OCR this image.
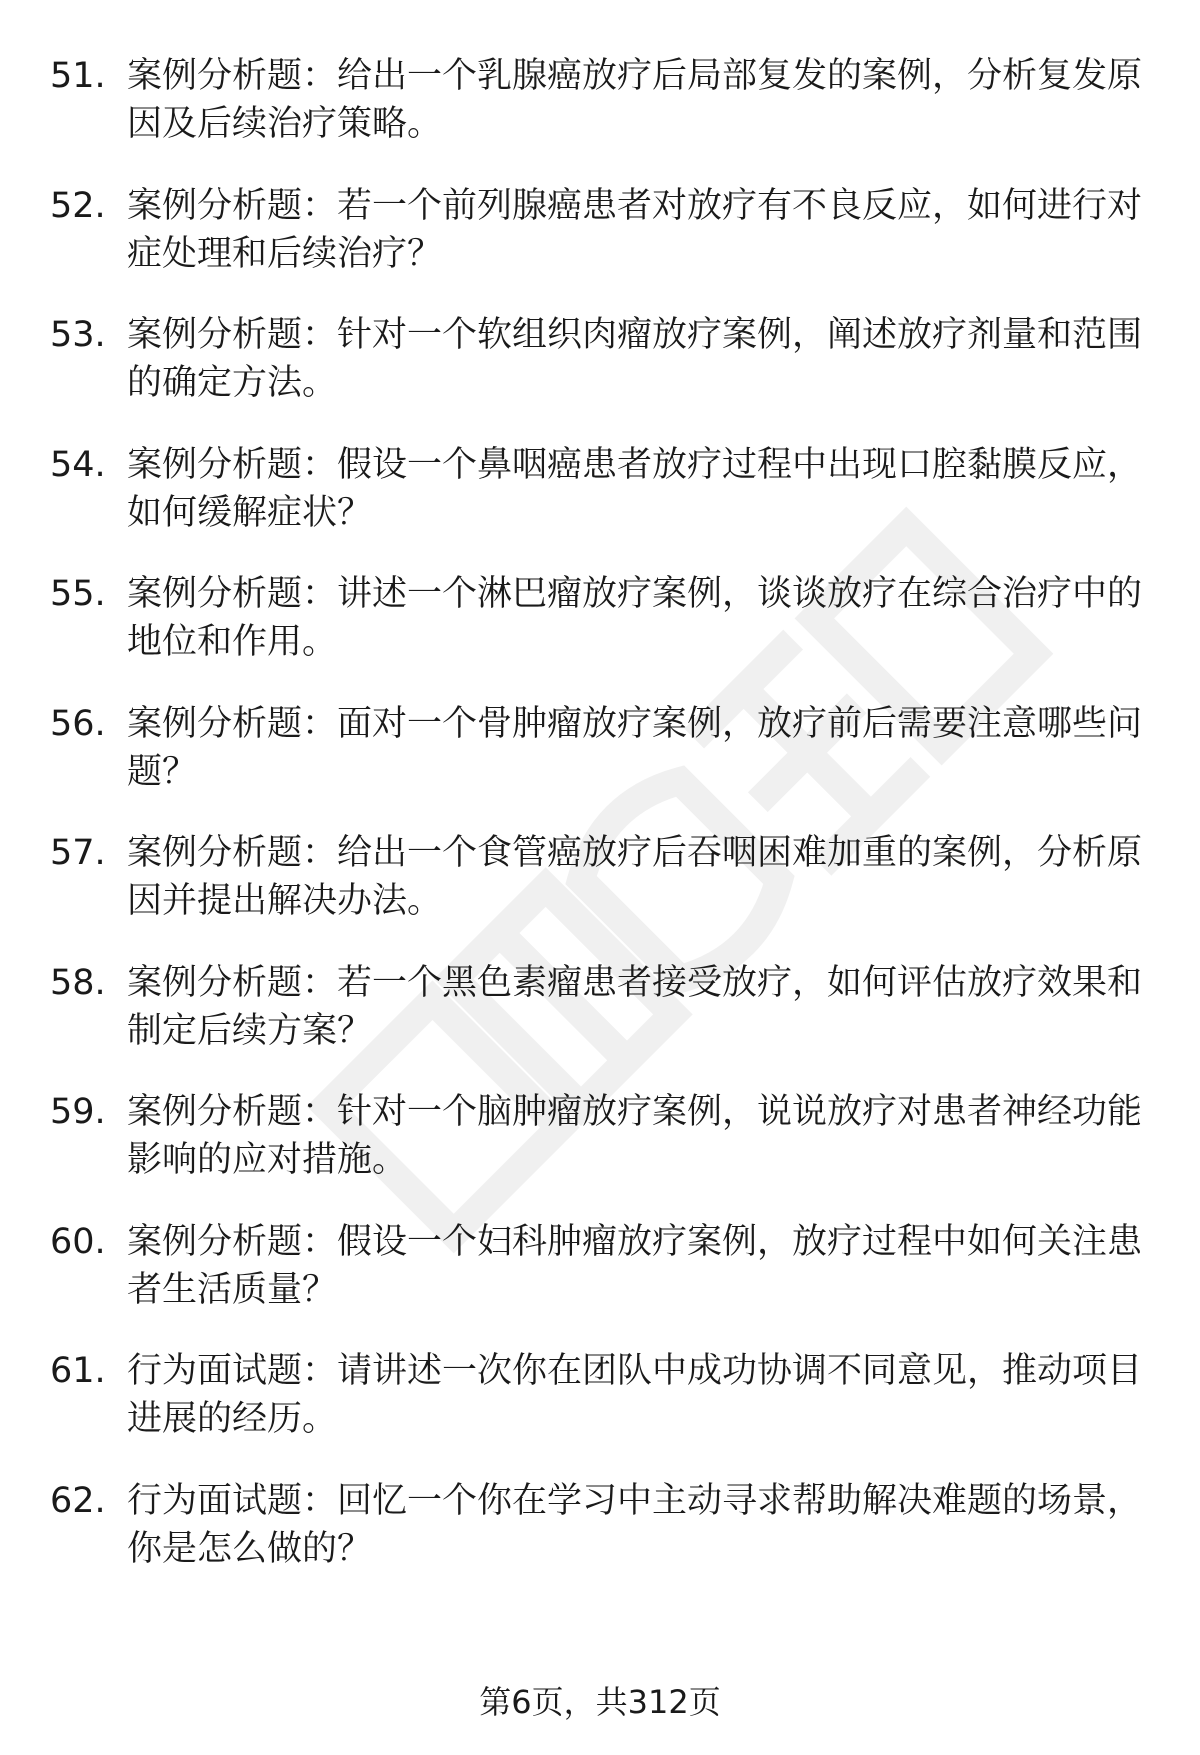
51. 案例分析题：给出一个乳腺癌放疗后局部复发的案例，分析复发原因及后续治疗策略。
52. 案例分析题：若一个前列腺癌患者对放疗有不良反应，如何进行对症处理和后续治疗？
53. 案例分析题：针对一个软组织肉瘤放疗案例，阐述放疗剂量和范围的确定方法。
54. 案例分析题：假设一个鼻咽癌患者放疗过程中出现口腔黏膜反应，如何缓解症状？
55. 案例分析题：讲述一个淋巴瘤放疗案例，谈谈放疗在综合治疗中的地位和作用。
56. 案例分析题：面对一个骨肿瘤放疗案例，放疗前后需要注意哪些问题？
57. 案例分析题：给出一个食管癌放疗后吞咽困难加重的案例，分析原因并提出解决办法。
58. 案例分析题：若一个黑色素瘤患者接受放疗，如何评估放疗效果和制定后续方案？
59. 案例分析题：针对一个脑肿瘤放疗案例，说说放疗对患者神经功能影响的应对措施。
60. 案例分析题：假设一个妇科肿瘤放疗案例，放疗过程中如何关注患者生活质量？
61. 行为面试题：请讲述一次你在团队中成功协调不同意见，推动项目进展的经历。
62. 行为面试题：回忆一个你在学习中主动寻求帮助解决难题的场景，你是怎么做的？
第6页，共312页
